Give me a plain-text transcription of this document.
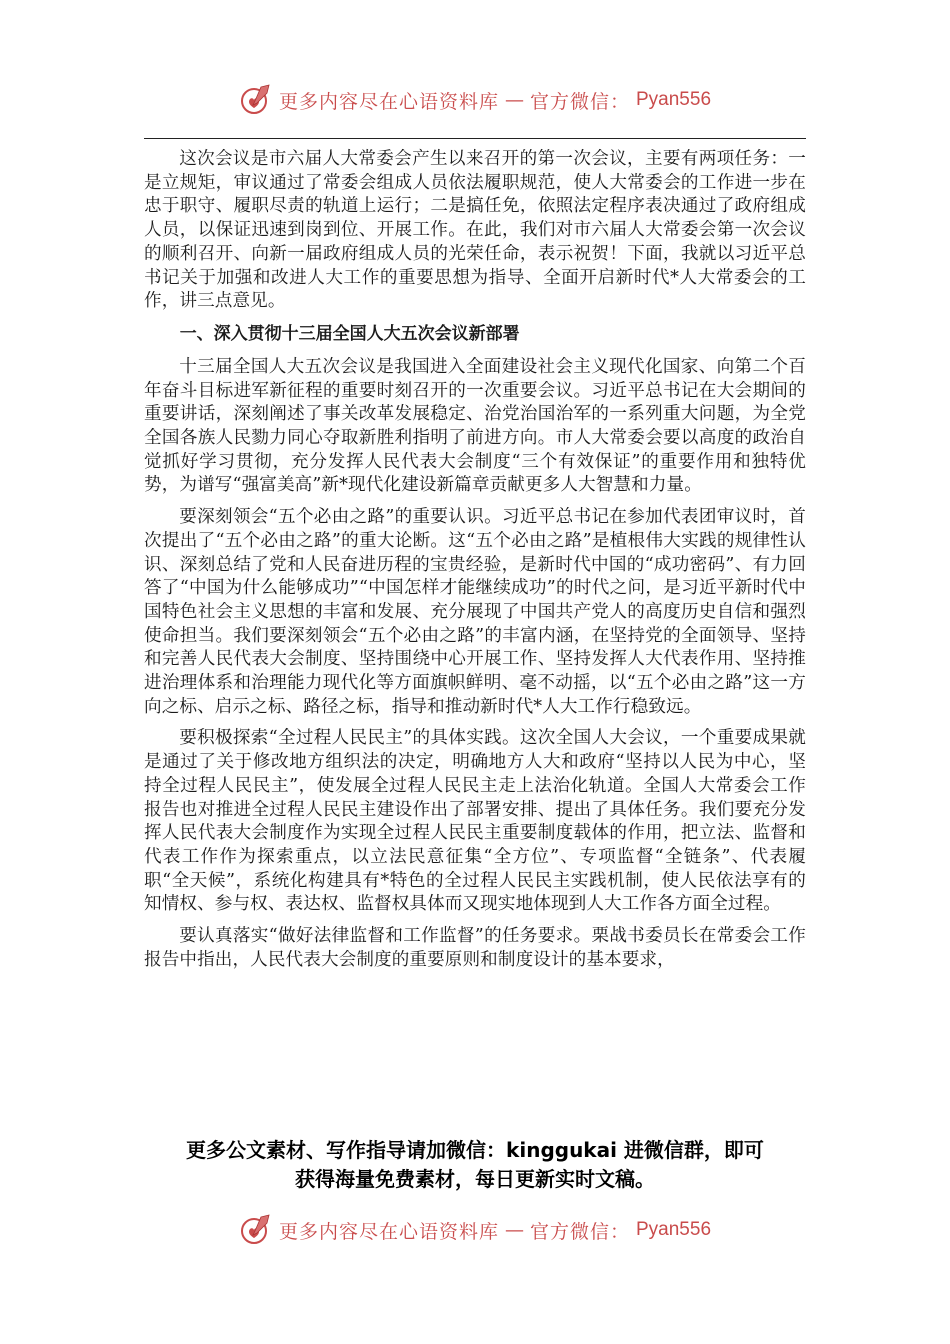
更多内容尽在心语资料库 — 官方微信： Pyan556

这次会议是市六届人大常委会产生以来召开的第一次会议，主要有两项任务：一是立规矩，审议通过了常委会组成人员依法履职规范，使人大常委会的工作进一步在忠于职守、履职尽责的轨道上运行；二是搞任免，依照法定程序表决通过了政府组成人员，以保证迅速到岗到位、开展工作。在此，我们对市六届人大常委会第一次会议的顺利召开、向新一届政府组成人员的光荣任命，表示祝贺！下面，我就以习近平总书记关于加强和改进人大工作的重要思想为指导、全面开启新时代*人大常委会的工作，讲三点意见。

一、深入贯彻十三届全国人大五次会议新部署

十三届全国人大五次会议是我国进入全面建设社会主义现代化国家、向第二个百年奋斗目标进军新征程的重要时刻召开的一次重要会议。习近平总书记在大会期间的重要讲话，深刻阐述了事关改革发展稳定、治党治国治军的一系列重大问题，为全党全国各族人民勠力同心夺取新胜利指明了前进方向。市人大常委会要以高度的政治自觉抓好学习贯彻，充分发挥人民代表大会制度“三个有效保证”的重要作用和独特优势，为谱写“强富美高”新*现代化建设新篇章贡献更多人大智慧和力量。

要深刻领会“五个必由之路”的重要认识。习近平总书记在参加代表团审议时，首次提出了“五个必由之路”的重大论断。这“五个必由之路”是植根伟大实践的规律性认识、深刻总结了党和人民奋进历程的宝贵经验，是新时代中国的“成功密码”、有力回答了“中国为什么能够成功”“中国怎样才能继续成功”的时代之问，是习近平新时代中国特色社会主义思想的丰富和发展、充分展现了中国共产党人的高度历史自信和强烈使命担当。我们要深刻领会“五个必由之路”的丰富内涵，在坚持党的全面领导、坚持和完善人民代表大会制度、坚持围绕中心开展工作、坚持发挥人大代表作用、坚持推进治理体系和治理能力现代化等方面旗帜鲜明、毫不动摇，以“五个必由之路”这一方向之标、启示之标、路径之标，指导和推动新时代*人大工作行稳致远。

要积极探索“全过程人民民主”的具体实践。这次全国人大会议，一个重要成果就是通过了关于修改地方组织法的决定，明确地方人大和政府“坚持以人民为中心，坚持全过程人民民主”，使发展全过程人民民主走上法治化轨道。全国人大常委会工作报告也对推进全过程人民民主建设作出了部署安排、提出了具体任务。我们要充分发挥人民代表大会制度作为实现全过程人民民主重要制度载体的作用，把立法、监督和代表工作作为探索重点，以立法民意征集“全方位”、专项监督“全链条”、代表履职“全天候”，系统化构建具有*特色的全过程人民民主实践机制，使人民依法享有的知情权、参与权、表达权、监督权具体而又现实地体现到人大工作各方面全过程。

要认真落实“做好法律监督和工作监督”的任务要求。栗战书委员长在常委会工作报告中指出，人民代表大会制度的重要原则和制度设计的基本要求，

更多公文素材、写作指导请加微信：kinggukai 进微信群，即可
获得海量免费素材，每日更新实时文稿。
更多内容尽在心语资料库 — 官方微信： Pyan556
